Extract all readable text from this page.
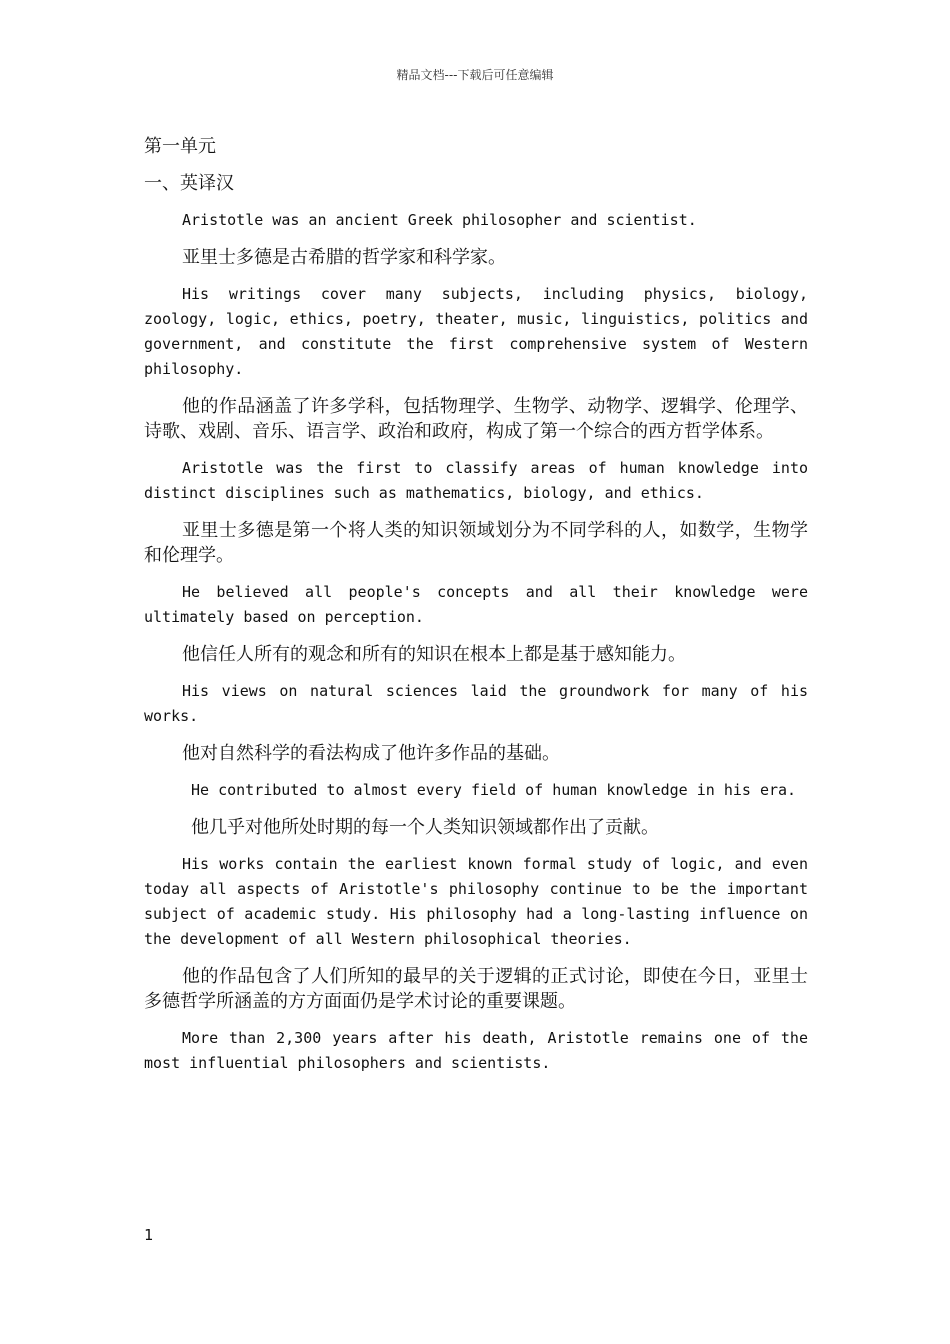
精品文档---下载后可任意编辑
第一单元
一、英译汉

Aristotle was an ancient Greek philosopher and scientist.

亚里士多德是古希腊的哲学家和科学家。

His writings cover many subjects, including physics, biology, zoology, logic, ethics, poetry, theater, music, linguistics, politics and government, and constitute the first comprehensive system of Western philosophy.

他的作品涵盖了许多学科，包括物理学、生物学、动物学、逻辑学、伦理学、诗歌、戏剧、音乐、语言学、政治和政府，构成了第一个综合的西方哲学体系。

Aristotle was the first to classify areas of human knowledge into distinct disciplines such as mathematics, biology, and ethics.

亚里士多德是第一个将人类的知识领域划分为不同学科的人，如数学，生物学和伦理学。

He believed all people's concepts and all their knowledge were ultimately based on perception.

他信任人所有的观念和所有的知识在根本上都是基于感知能力。

His views on natural sciences laid the groundwork for many of his works.

他对自然科学的看法构成了他许多作品的基础。

He contributed to almost every field of human knowledge in his era.

他几乎对他所处时期的每一个人类知识领域都作出了贡献。

His works contain the earliest known formal study of logic, and even today all aspects of Aristotle's philosophy continue to be the important subject of academic study. His philosophy had a long-lasting influence on the development of all Western philosophical theories.

他的作品包含了人们所知的最早的关于逻辑的正式讨论，即使在今日，亚里士多德哲学所涵盖的方方面面仍是学术讨论的重要课题。

More than 2,300 years after his death, Aristotle remains one of the most influential philosophers and scientists.

1
